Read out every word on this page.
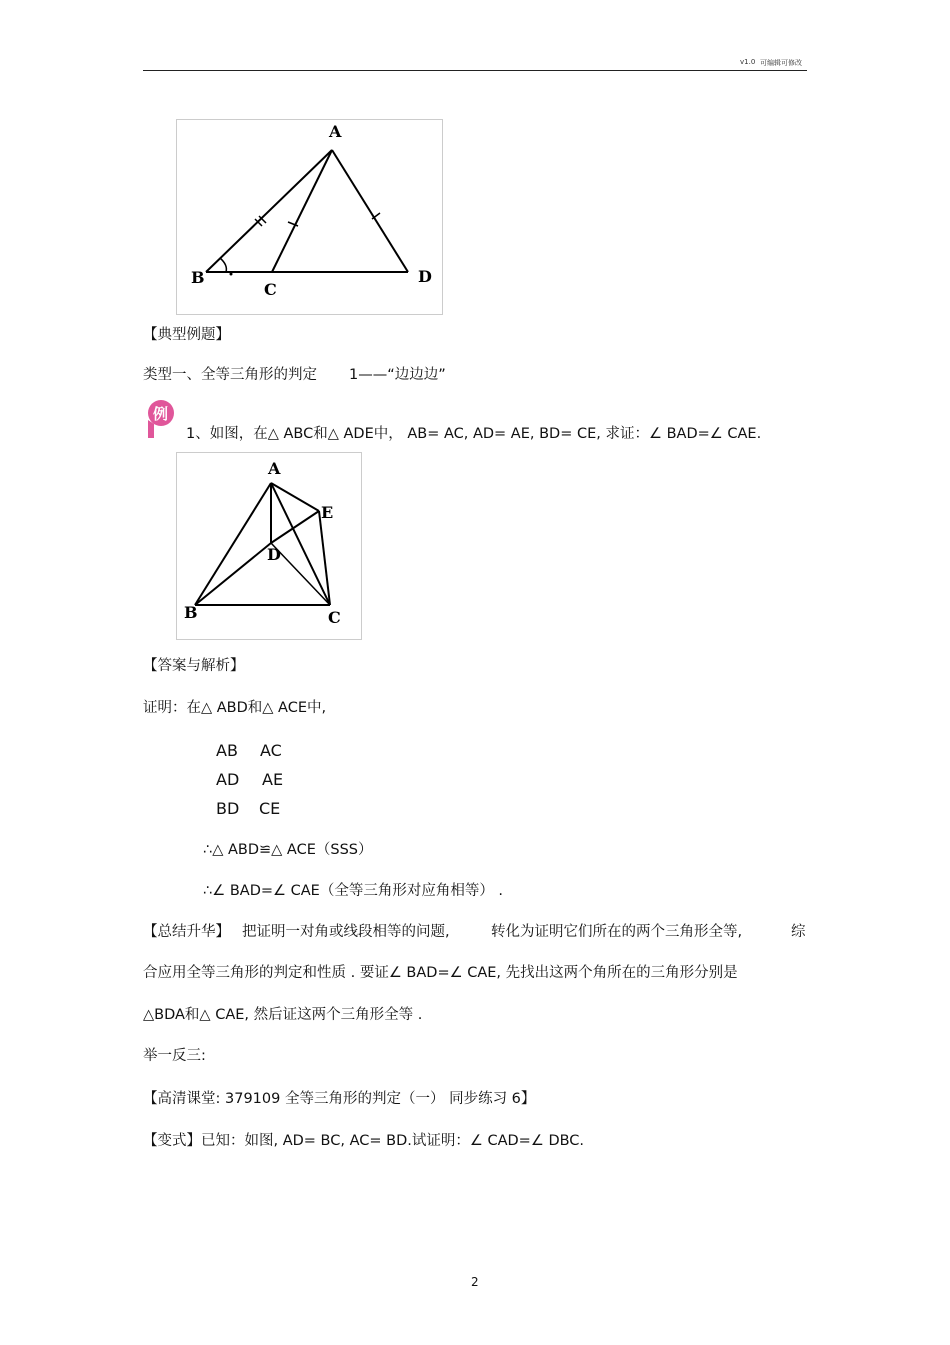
v1.0 可编辑可修改
A
B
C
D
【典型例题】
类型一、全等三角形的判定 1——“边边边”
例
1、如图，在△ ABC和△ ADE中， AB= AC, AD= AE, BD= CE, 求证：∠ BAD=∠ CAE.
A
B	C
D
E
【答案与解析】
证明：在△ ABD和△ ACE中,
AB AC
AD AE
BD CE
∴△ ABD≌△ ACE（SSS）
∴∠ BAD=∠ CAE（全等三角形对应角相等） .
【总结升华】 把证明一对角或线段相等的问题,	转化为证明它们所在的两个三角形全等,	综
合应用全等三角形的判定和性质 . 要证∠ BAD=∠ CAE, 先找出这两个角所在的三角形分别是
△BDA和△ CAE, 然后证这两个三角形全等 .
举一反三:
【高清课堂: 379109 全等三角形的判定（一） 同步练习 6】
【变式】已知：如图, AD= BC, AC= BD.试证明：∠ CAD=∠ DBC.
2
